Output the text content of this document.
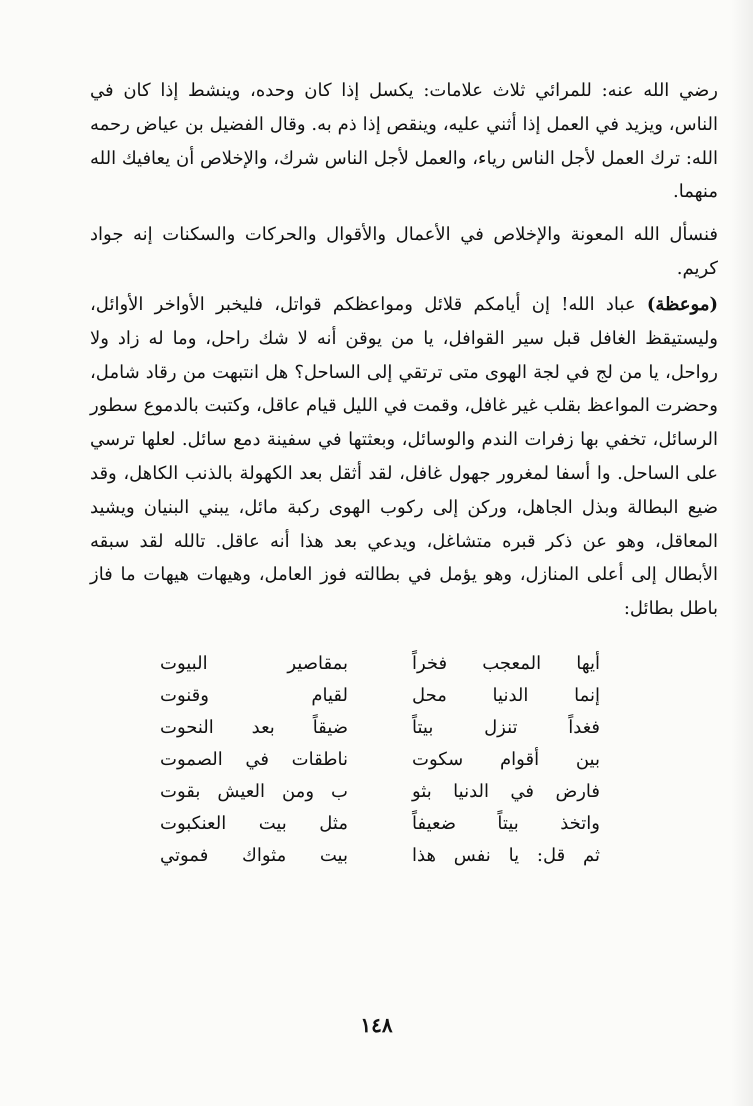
رضي الله عنه: للمرائي ثلاث علامات: يكسل إذا كان وحده، وينشط إذا كان في الناس، ويزيد في العمل إذا أثني عليه، وينقص إذا ذم به. وقال الفضيل بن عياض رحمه الله: ترك العمل لأجل الناس رياء، والعمل لأجل الناس شرك، والإخلاص أن يعافيك الله منهما.

فنسأل الله المعونة والإخلاص في الأعمال والأقوال والحركات والسكنات إنه جواد كريم.

(موعظة) عباد الله! إن أيامكم قلائل ومواعظكم قواتل، فليخبر الأواخر الأوائل، وليستيقظ الغافل قبل سير القوافل، يا من يوقن أنه لا شك راحل، وما له زاد ولا رواحل، يا من لج في لجة الهوى متى ترتقي إلى الساحل؟ هل انتبهت من رقاد شامل، وحضرت المواعظ بقلب غير غافل، وقمت في الليل قيام عاقل، وكتبت بالدموع سطور الرسائل، تخفي بها زفرات الندم والوسائل، وبعثتها في سفينة دمع سائل. لعلها ترسي على الساحل. وا أسفا لمغرور جهول غافل، لقد أثقل بعد الكهولة بالذنب الكاهل، وقد ضيع البطالة وبذل الجاهل، وركن إلى ركوب الهوى ركبة مائل، يبني البنيان ويشيد المعاقل، وهو عن ذكر قبره متشاغل، ويدعي بعد هذا أنه عاقل. تالله لقد سبقه الأبطال إلى أعلى المنازل، وهو يؤمل في بطالته فوز العامل، وهيهات هيهات ما فاز باطل بطائل:

أيها المعجب فخراً
بمقاصير البيوت
إنما الدنيا محل
لقيام وقنوت
فغداً تنزل بيتاً
ضيقاً بعد النحوت
بين أقوام سكوت
ناطقات في الصموت
فارض في الدنيا بثو
ب ومن العيش بقوت
واتخذ بيتاً ضعيفاً
مثل بيت العنكبوت
ثم قل: يا نفس هذا
بيت مثواك فموتي
١٤٨
